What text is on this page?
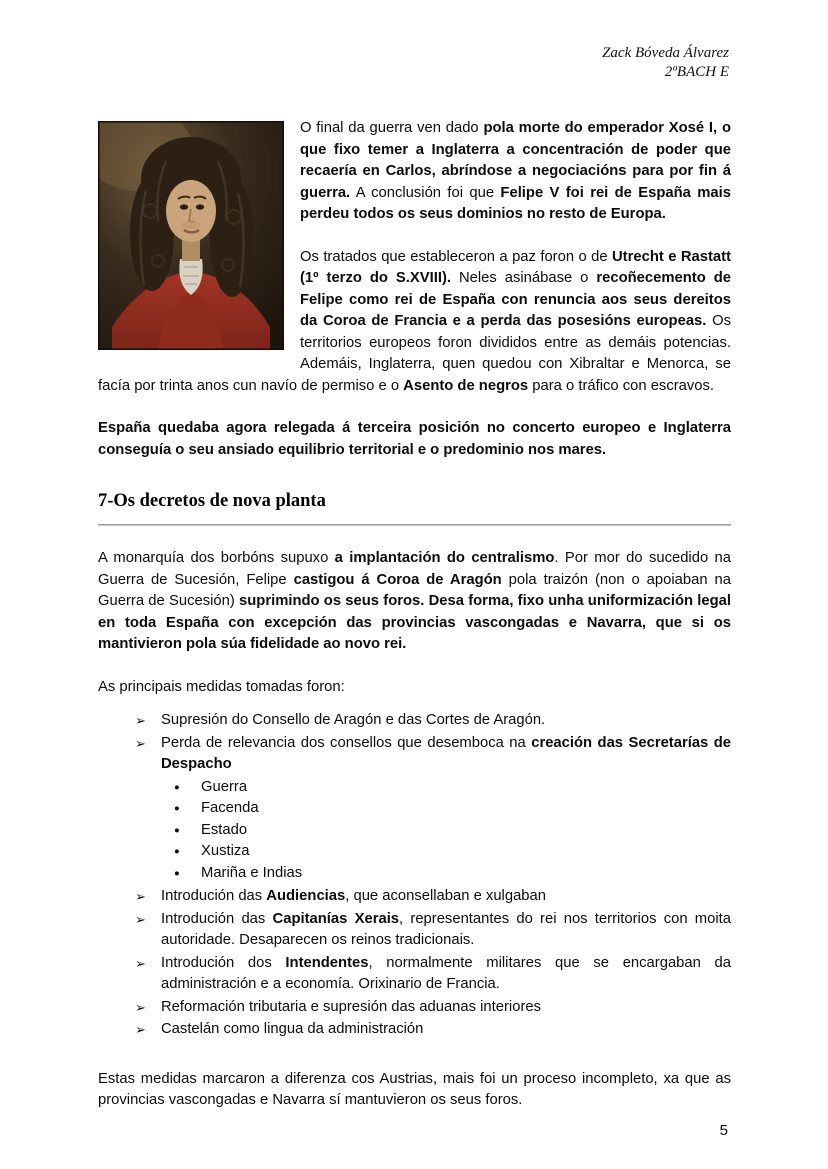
Zack Bóveda Álvarez
2ºBACH E

O final da guerra ven dado pola morte do emperador Xosé I, o que fixo temer a Inglaterra a concentración de poder que recaería en Carlos, abríndose a negociacións para por fin á guerra. A conclusión foi que Felipe V foi rei de España mais perdeu todos os seus dominios no resto de Europa.

Os tratados que estableceron a paz foron o de Utrecht e Rastatt (1º terzo do S.XVIII). Neles asinábase o recoñecemento de Felipe como rei de España con renuncia aos seus dereitos da Coroa de Francia e a perda das posesións europeas. Os territorios europeos foron divididos entre as demáis potencias. Ademáis, Inglaterra, quen quedou con Xibraltar e Menorca, se facía por trinta anos cun navío de permiso e o Asento de negros para o tráfico con escravos.

España quedaba agora relegada á terceira posición no concerto europeo e Inglaterra conseguía o seu ansiado equilibrio territorial e o predominio nos mares.

7-Os decretos de nova planta

A monarquía dos borbóns supuxo a implantación do centralismo. Por mor do sucedido na Guerra de Sucesión, Felipe castigou á Coroa de Aragón pola traizón (non o apoiaban na Guerra de Sucesión) suprimindo os seus foros. Desa forma, fixo unha uniformización legal en toda España con excepción das provincias vascongadas e Navarra, que si os mantivieron pola súa fidelidade ao novo rei.

As principais medidas tomadas foron:

➢	Supresión do Consello de Aragón e das Cortes de Aragón.
➢	Perda de relevancia dos consellos que desemboca na creación das Secretarías de Despacho
●	Guerra
●	Facenda
●	Estado
●	Xustiza
●	Mariña e Indias
➢	Introdución das Audiencias, que aconsellaban e xulgaban
➢	Introdución das Capitanías Xerais, representantes do rei nos territorios con moita autoridade. Desaparecen os reinos tradicionais.
➢	Introdución dos Intendentes, normalmente militares que se encargaban da administración e a economía. Orixinario de Francia.
➢	Reformación tributaria e supresión das aduanas interiores
➢	Castelán como lingua da administración

Estas medidas marcaron a diferenza cos Austrias, mais foi un proceso incompleto, xa que as provincias vascongadas e Navarra sí mantuvieron os seus foros.

5
